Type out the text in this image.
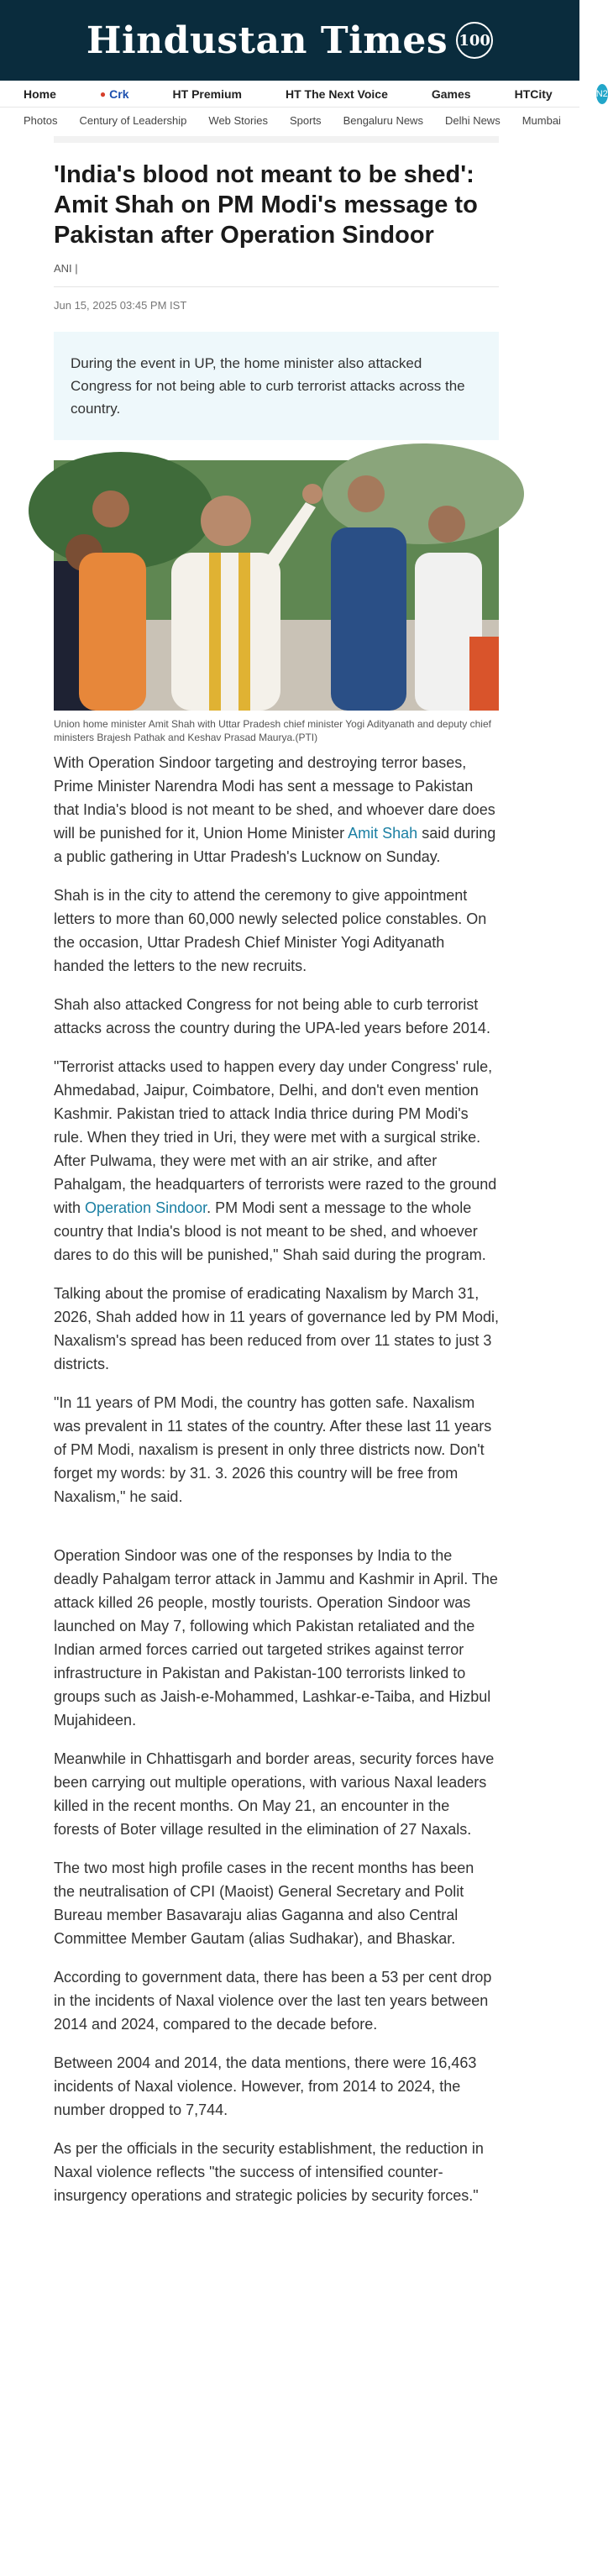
Hindustan Times 100
Home	● Crk	HT Premium	HT The Next Voice	Games	HTCity	N2
Photos Century of Leadership Web Stories Sports Bengaluru News Delhi News Mumbai
'India's blood not meant to be shed': Amit Shah on PM Modi's message to Pakistan after Operation Sindoor
ANI |
Jun 15, 2025 03:45 PM IST
During the event in UP, the home minister also attacked Congress for not being able to curb terrorist attacks across the country.
Union home minister Amit Shah with Uttar Pradesh chief minister Yogi Adityanath and deputy chief ministers Brajesh Pathak and Keshav Prasad Maurya.(PTI)

With Operation Sindoor targeting and destroying terror bases, Prime Minister Narendra Modi has sent a message to Pakistan that India's blood is not meant to be shed, and whoever dare does will be punished for it, Union Home Minister Amit Shah said during a public gathering in Uttar Pradesh's Lucknow on Sunday.

Shah is in the city to attend the ceremony to give appointment letters to more than 60,000 newly selected police constables. On the occasion, Uttar Pradesh Chief Minister Yogi Adityanath handed the letters to the new recruits.

Shah also attacked Congress for not being able to curb terrorist attacks across the country during the UPA-led years before 2014.

"Terrorist attacks used to happen every day under Congress' rule, Ahmedabad, Jaipur, Coimbatore, Delhi, and don't even mention Kashmir. Pakistan tried to attack India thrice during PM Modi's rule. When they tried in Uri, they were met with a surgical strike. After Pulwama, they were met with an air strike, and after Pahalgam, the headquarters of terrorists were razed to the ground with Operation Sindoor. PM Modi sent a message to the whole country that India's blood is not meant to be shed, and whoever dares to do this will be punished," Shah said during the program.

Talking about the promise of eradicating Naxalism by March 31, 2026, Shah added how in 11 years of governance led by PM Modi, Naxalism's spread has been reduced from over 11 states to just 3 districts.

"In 11 years of PM Modi, the country has gotten safe. Naxalism was prevalent in 11 states of the country. After these last 11 years of PM Modi, naxalism is present in only three districts now. Don't forget my words: by 31. 3. 2026 this country will be free from Naxalism," he said.

Operation Sindoor was one of the responses by India to the deadly Pahalgam terror attack in Jammu and Kashmir in April. The attack killed 26 people, mostly tourists. Operation Sindoor was launched on May 7, following which Pakistan retaliated and the Indian armed forces carried out targeted strikes against terror infrastructure in Pakistan and Pakistan-100 terrorists linked to groups such as Jaish-e-Mohammed, Lashkar-e-Taiba, and Hizbul Mujahideen.

Meanwhile in Chhattisgarh and border areas, security forces have been carrying out multiple operations, with various Naxal leaders killed in the recent months. On May 21, an encounter in the forests of Boter village resulted in the elimination of 27 Naxals.

The two most high profile cases in the recent months has been the neutralisation of CPI (Maoist) General Secretary and Polit Bureau member Basavaraju alias Gaganna and also Central Committee Member Gautam (alias Sudhakar), and Bhaskar.

According to government data, there has been a 53 per cent drop in the incidents of Naxal violence over the last ten years between 2014 and 2024, compared to the decade before.

Between 2004 and 2014, the data mentions, there were 16,463 incidents of Naxal violence. However, from 2014 to 2024, the number dropped to 7,744.

As per the officials in the security establishment, the reduction in Naxal violence reflects "the success of intensified counter-insurgency operations and strategic policies by security forces."
